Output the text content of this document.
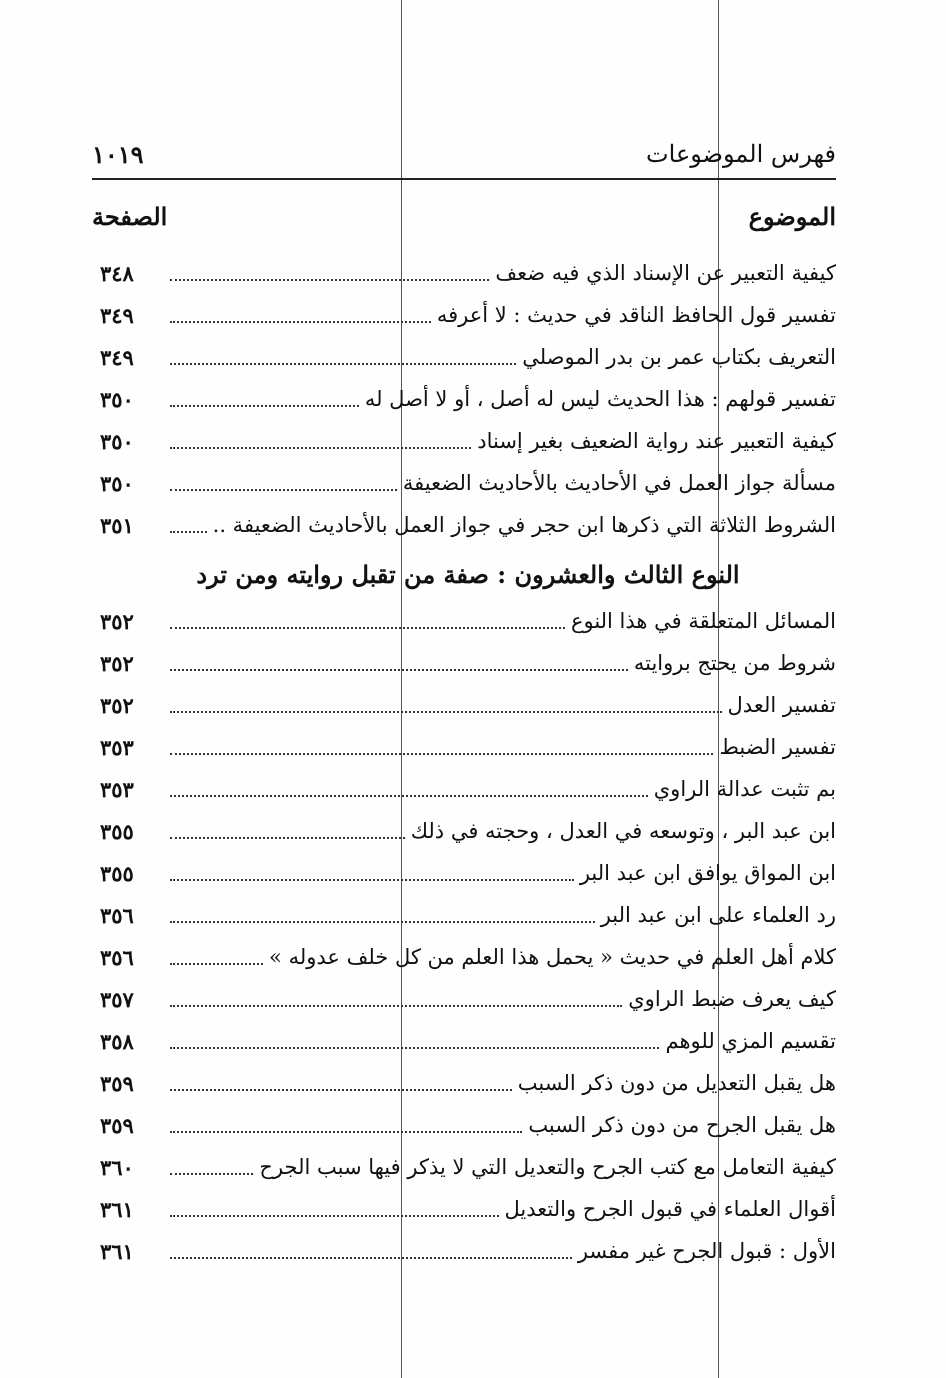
فهرس الموضوعات
١٠١٩
الموضوع
الصفحة
كيفية التعبير عن الإسناد الذي فيه ضعف
٣٤٨
تفسير قول الحافظ الناقد في حديث : لا أعرفه
٣٤٩
التعريف بكتاب عمر بن بدر الموصلي
٣٤٩
تفسير قولهم : هذا الحديث ليس له أصل ، أو لا أصل له
٣٥٠
كيفية التعبير عند رواية الضعيف بغير إسناد
٣٥٠
مسألة جواز العمل في الأحاديث بالأحاديث الضعيفة
٣٥٠
الشروط الثلاثة التي ذكرها ابن حجر في جواز العمل بالأحاديث الضعيفة ..
٣٥١
النوع الثالث والعشرون : صفة من تقبل روايته ومن ترد
المسائل المتعلقة في هذا النوع
٣٥٢
شروط من يحتج بروايته
٣٥٢
تفسير العدل
٣٥٢
تفسير الضبط
٣٥٣
بم تثبت عدالة الراوي
٣٥٣
ابن عبد البر ، وتوسعه في العدل ، وحجته في ذلك
٣٥٥
ابن المواق يوافق ابن عبد البر
٣٥٥
رد العلماء على ابن عبد البر
٣٥٦
كلام أهل العلم في حديث « يحمل هذا العلم من كل خلف عدوله »
٣٥٦
كيف يعرف ضبط الراوي
٣٥٧
تقسيم المزي للوهم
٣٥٨
هل يقبل التعديل من دون ذكر السبب
٣٥٩
هل يقبل الجرح من دون ذكر السبب
٣٥٩
كيفية التعامل مع كتب الجرح والتعديل التي لا يذكر فيها سبب الجرح
٣٦٠
أقوال العلماء في قبول الجرح والتعديل
٣٦١
الأول : قبول الجرح غير مفسر
٣٦١
